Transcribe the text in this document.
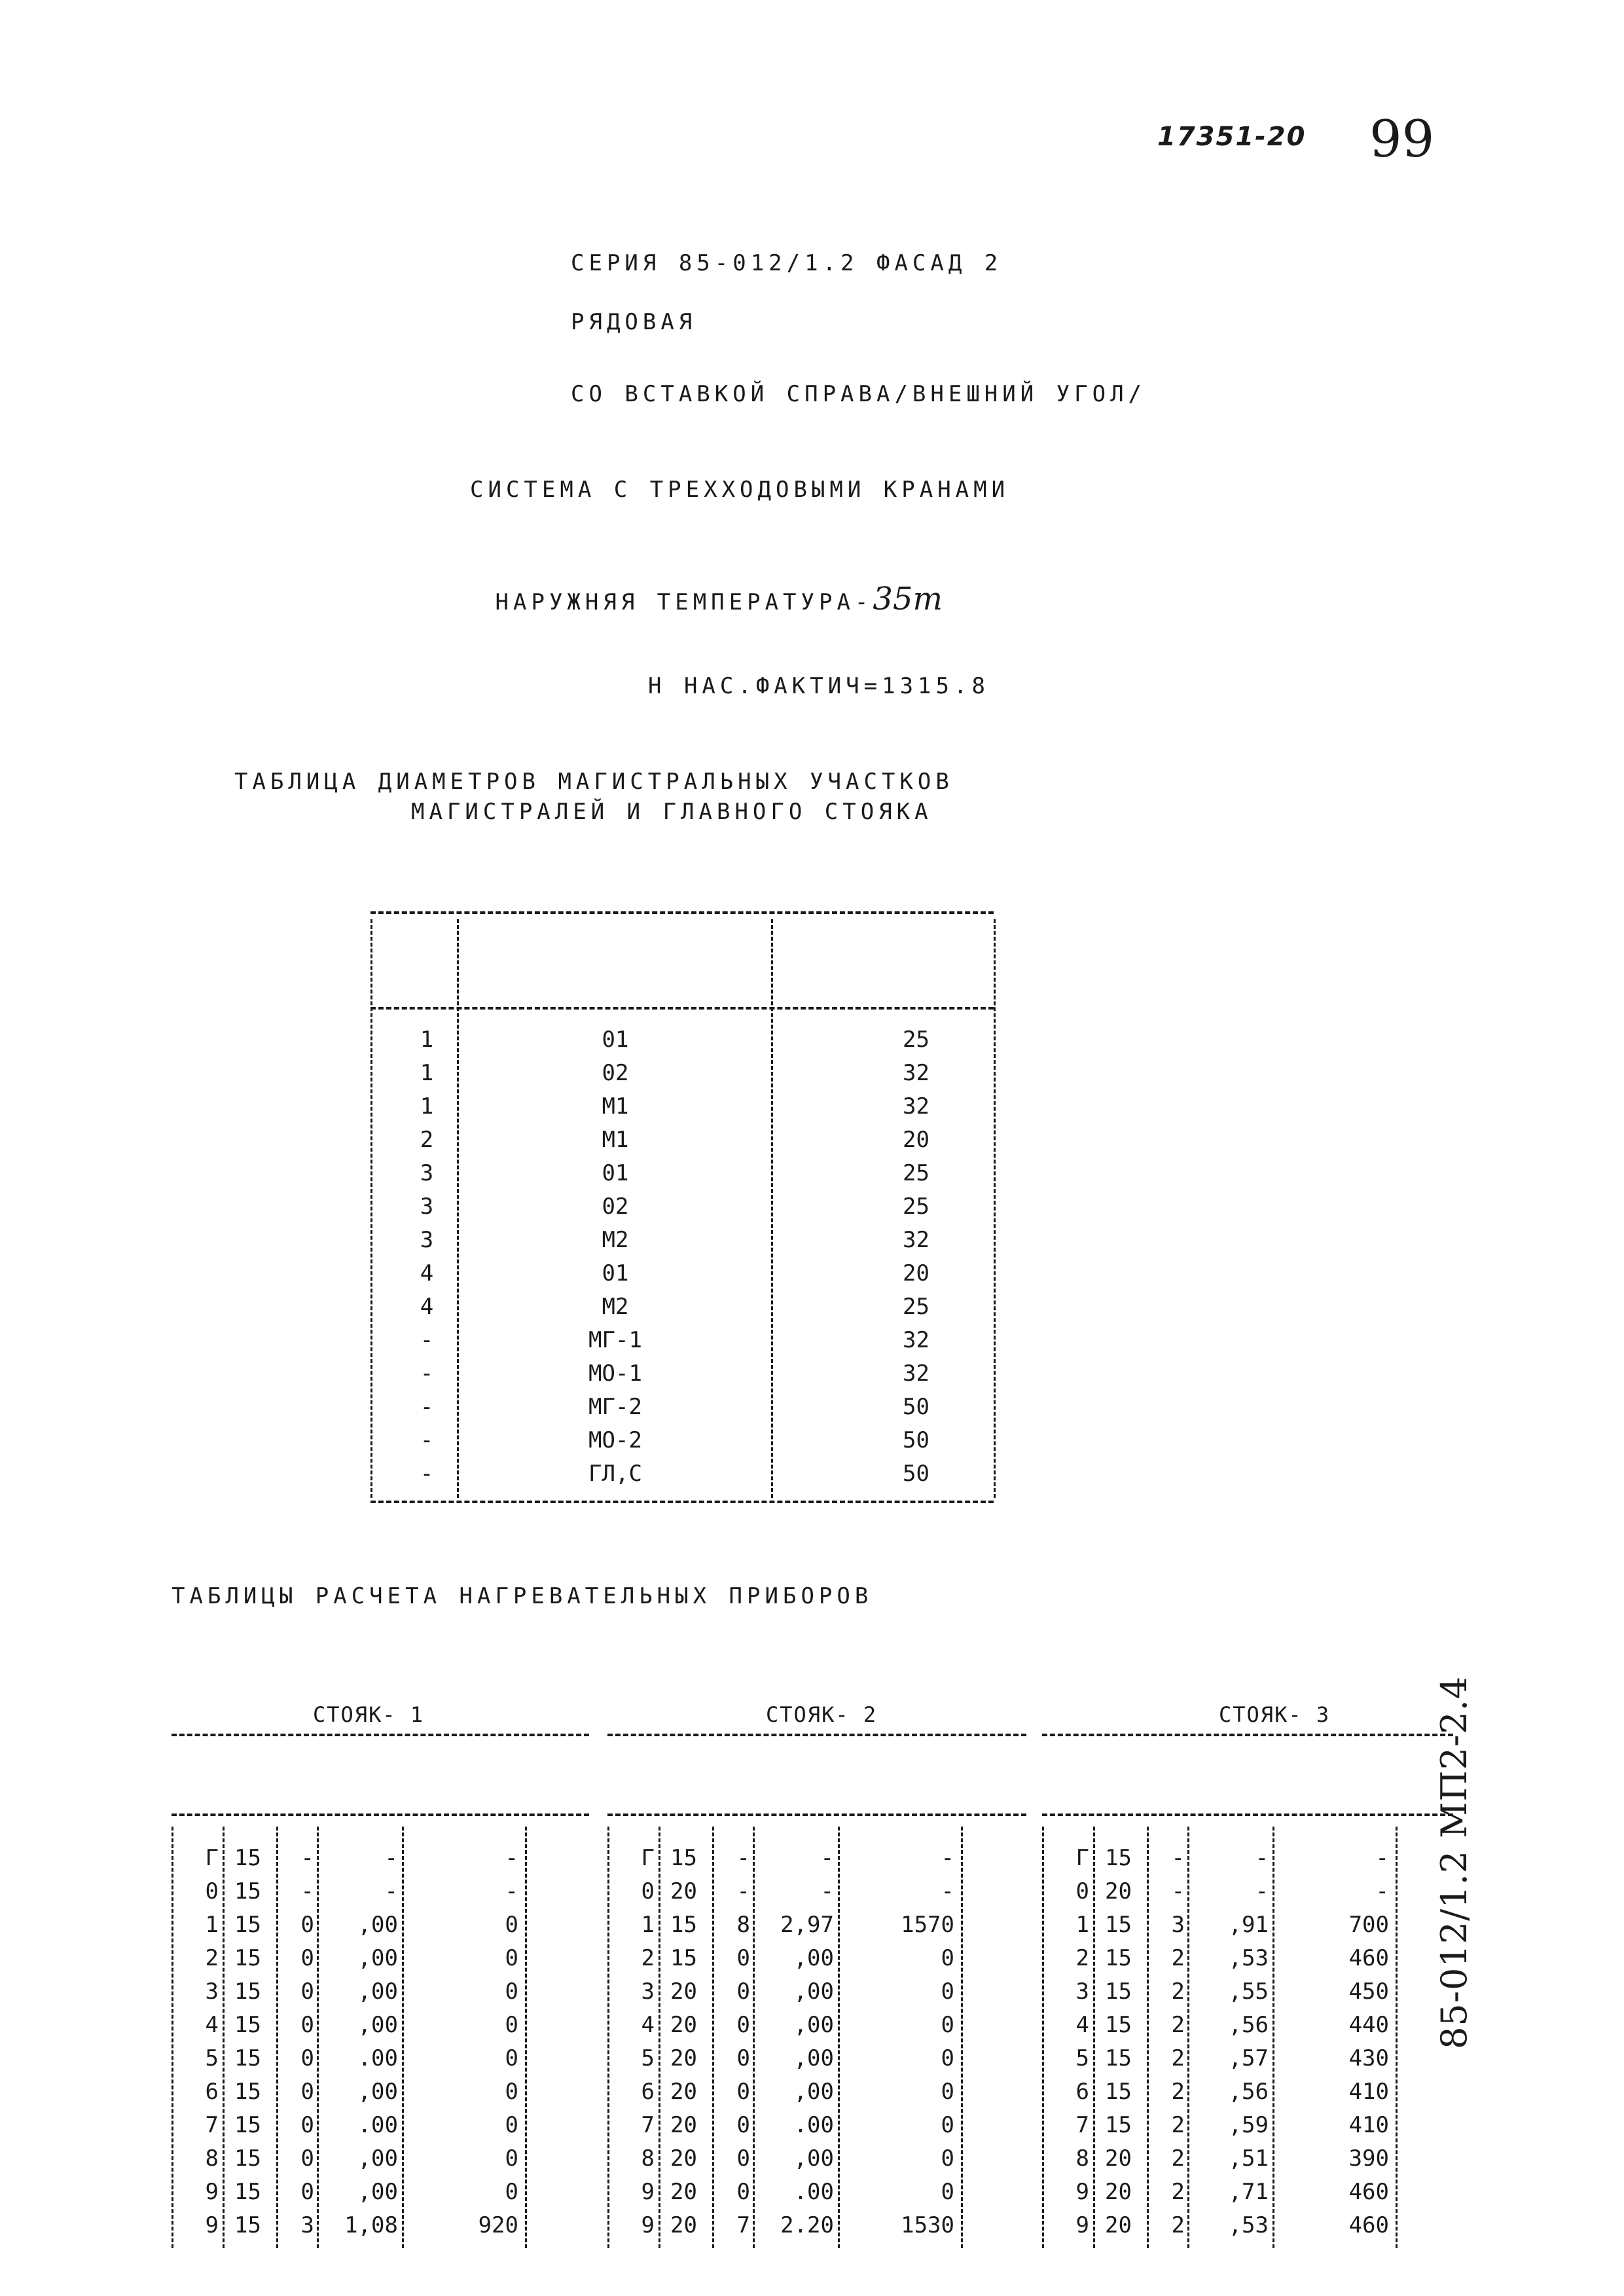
17351-20 99
СЕРИЯ 85-012/1.2 ФАСАД 2
РЯДОВАЯ
СО ВСТАВКОЙ СПРАВА/ВНЕШНИЙ УГОЛ/
СИСТЕМА С ТРЕХХОДОВЫМИ КРАНАМИ

НАРУЖНЯЯ ТЕМПЕРАТУРА-35т

Н НАС.ФАКТИЧ=1315.8
ТАБЛИЦА ДИАМЕТРОВ МАГИСТРАЛЬНЫХ УЧАСТКОВ
МАГИСТРАЛЕЙ И ГЛАВНОГО СТОЯКА
1	01	25
1	02	32
1	М1	32
2	М1	20
3	01	25
3	02	25
3	М2	32
4	01	20
4	М2	25
-	МГ-1	32
-	МО-1	32
-	МГ-2	50
-	МО-2	50
-	ГЛ,С	50
ТАБЛИЦЫ РАСЧЕТА НАГРЕВАТЕЛЬНЫХ ПРИБОРОВ
СТОЯК- 1
Г 15	-	-	-
0 15	-	-	-
1 15	0	,00	0
2 15	0	,00	0
3 15	0	,00	0
4 15	0	,00	0
5 15	0	.00	0
6 15	0	,00	0
7 15	0	.00	0
8 15	0	,00	0
9 15	0	,00	0
9 15	3	1,08	920
СТОЯК- 2
Г 15	-	-	-
0 20	-	-	-
1 15	8	2,97	1570
2 15	0	,00	0
3 20	0	,00	0
4 20	0	,00	0
5 20	0	,00	0
6 20	0	,00	0
7 20	0	.00	0
8 20	0	,00	0
9 20	0	.00	0
9 20	7	2.20	1530
СТОЯК- 3
Г 15	-	-	-
0 20	-	-	-
1 15	3	,91	700
2 15	2	,53	460
3 15	2	,55	450
4 15	2	,56	440
5 15	2	,57	430
6 15	2	,56	410
7 15	2	,59	410
8 20	2	,51	390
9 20	2	,71	460
9 20	2	,53	460
85-012/1.2 МП2-2.4
